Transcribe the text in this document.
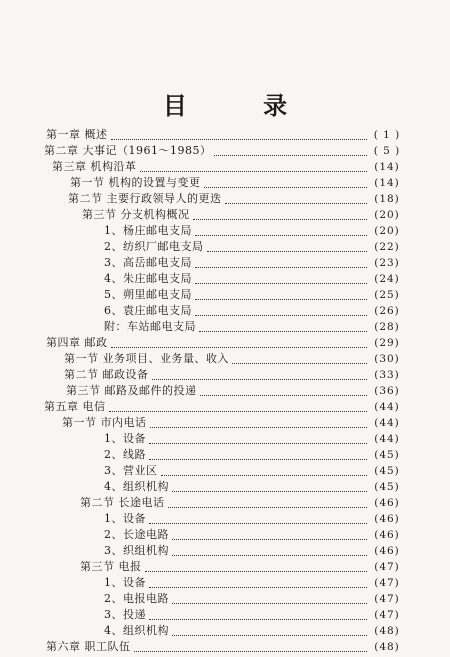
目 录
第一章 概述	( 1 )
第二章 大事记（1961～1985）	( 5 )
第三章 机构沿革	(14)
第一节 机构的设置与变更	(14)
第二节 主要行政领导人的更迭	(18)
第三节 分支机构概况	(20)
1、杨庄邮电支局	(20)
2、纺织厂邮电支局	(22)
3、高岳邮电支局	(23)
4、朱庄邮电支局	(24)
5、朔里邮电支局	(25)
6、袁庄邮电支局	(26)
附：车站邮电支局	(28)
第四章 邮政	(29)
第一节 业务项目、业务量、收入	(30)
第二节 邮政设备	(33)
第三节 邮路及邮件的投递	(36)
第五章 电信	(44)
第一节 市内电话	(44)
1、设备	(44)
2、线路	(45)
3、营业区	(45)
4、组织机构	(45)
第二节 长途电话	(46)
1、设备	(46)
2、长途电路	(46)
3、织组机构	(46)
第三节 电报	(47)
1、设备	(47)
2、电报电路	(47)
3、投递	(47)
4、组织机构	(48)
第六章 职工队伍	(48)
